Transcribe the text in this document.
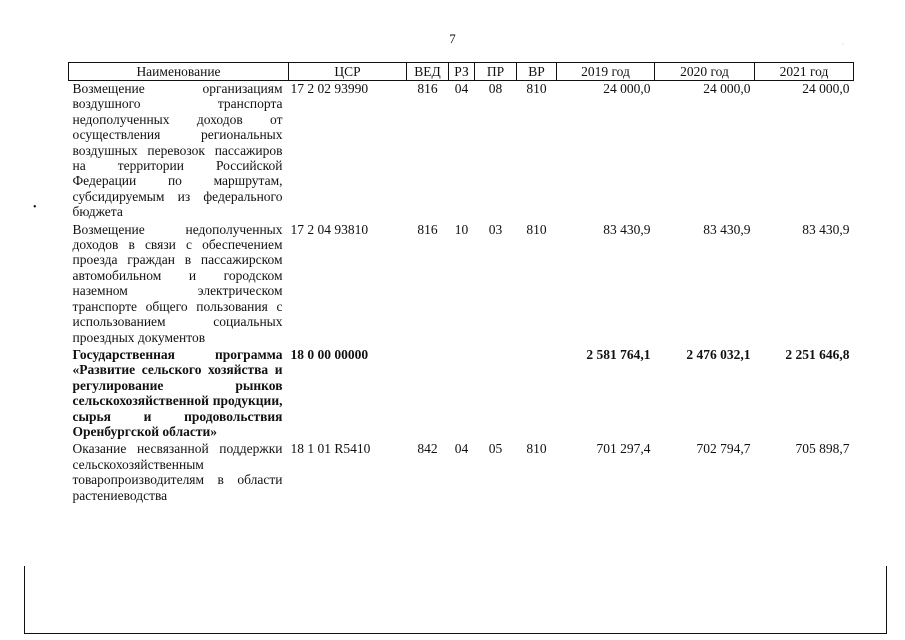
7	·
•
Наименование	ЦСР	ВЕД	РЗ	ПР	ВР	2019 год	2020 год	2021 год
Возмещение организациям воздушного транспорта недополученных доходов от осуществления региональных воздушных перевозок пассажиров на территории Российской Федерации по маршрутам, субсидируемым из федерального бюджета	17 2 02 93990	816	04	08	810	24 000,0	24 000,0	24 000,0
Возмещение недополученных доходов в связи с обеспечением проезда граждан в пассажирском автомобильном и городском наземном электрическом транспорте общего пользования с использованием социальных проездных документов	17 2 04 93810	816	10	03	810	83 430,9	83 430,9	83 430,9
Государственная программа «Развитие сельского хозяйства и регулирование рынков сельскохозяйственной продукции, сырья и продовольствия Оренбургской области»	18 0 00 00000					2 581 764,1	2 476 032,1	2 251 646,8
Оказание несвязанной поддержки сельскохозяйственным товаропроизводителям в области растениеводства	18 1 01 R5410	842	04	05	810	701 297,4	702 794,7	705 898,7
